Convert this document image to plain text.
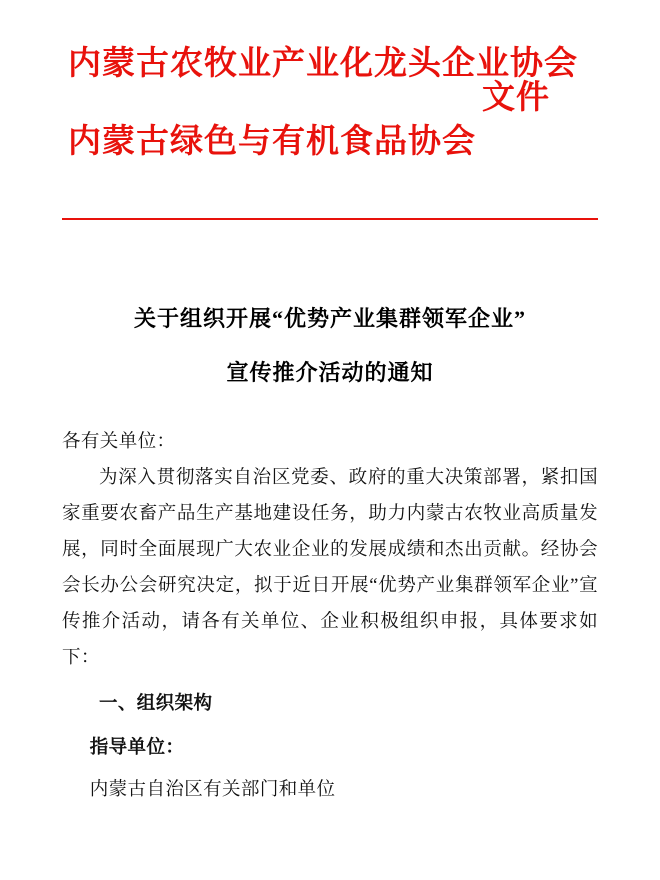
内蒙古农牧业产业化龙头企业协会
内蒙古绿色与有机食品协会
文件
关于组织开展“优势产业集群领军企业”
宣传推介活动的通知

各有关单位：

为深入贯彻落实自治区党委、政府的重大决策部署，紧扣国家重要农畜产品生产基地建设任务，助力内蒙古农牧业高质量发展，同时全面展现广大农业企业的发展成绩和杰出贡献。经协会会长办公会研究决定，拟于近日开展“优势产业集群领军企业”宣传推介活动，请各有关单位、企业积极组织申报，具体要求如下：

一、组织架构

指导单位：

内蒙古自治区有关部门和单位
